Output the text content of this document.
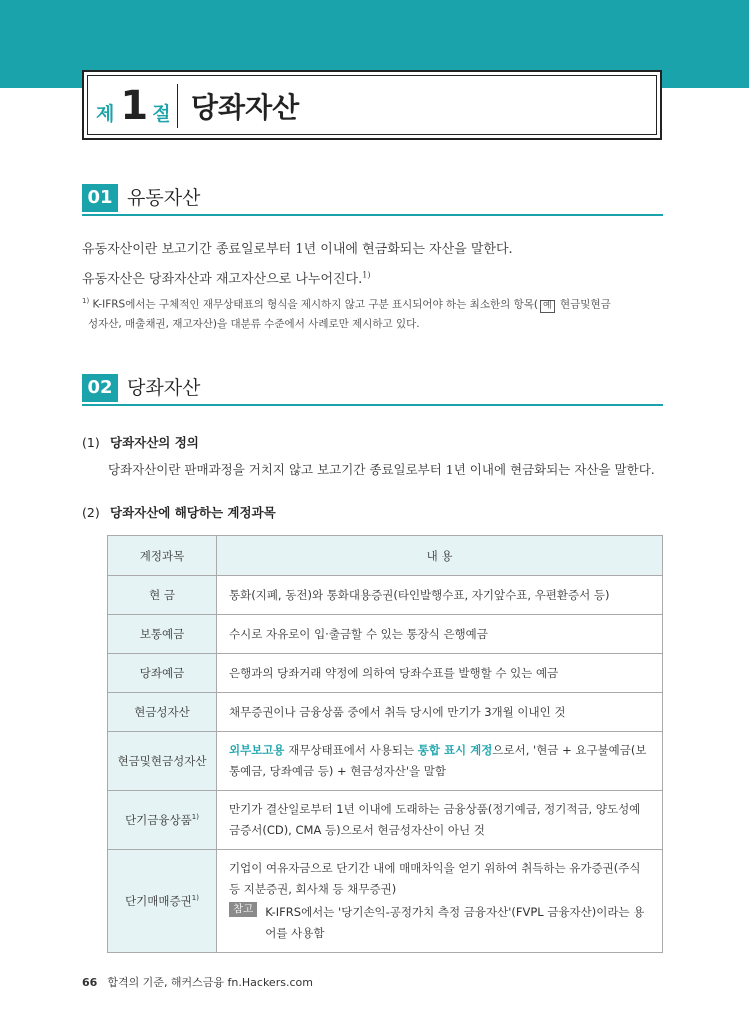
제 1 절 당좌자산
01 유동자산
유동자산이란 보고기간 종료일로부터 1년 이내에 현금화되는 자산을 말한다.
유동자산은 당좌자산과 재고자산으로 나누어진다.$^{1)}$
$^{1)}$ K-IFRS에서는 구체적인 재무상태표의 형식을 제시하지 않고 구분 표시되어야 하는 최소한의 항목( 예 현금및현금
성자산, 매출채권, 재고자산)을 대분류 수준에서 사례로만 제시하고 있다.
02 당좌자산
(1) 당좌자산의 정의
당좌자산이란 판매과정을 거치지 않고 보고기간 종료일로부터 1년 이내에 현금화되는 자산을 말한다.
(2) 당좌자산에 해당하는 계정과목
계정과목	내 용
현 금	통화(지폐, 동전)와 통화대용증권(타인발행수표, 자기앞수표, 우편환증서 등)
보통예금	수시로 자유로이 입·출금할 수 있는 통장식 은행예금
당좌예금	은행과의 당좌거래 약정에 의하여 당좌수표를 발행할 수 있는 예금
현금성자산	채무증권이나 금융상품 중에서 취득 당시에 만기가 3개월 이내인 것
현금및현금성자산	외부보고용 재무상태표에서 사용되는 통합 표시 계정으로서, '현금 + 요구불예금(보통예금, 당좌예금 등) + 현금성자산'을 말함
단기금융상품$^{1)}$	만기가 결산일로부터 1년 이내에 도래하는 금융상품(정기예금, 정기적금, 양도성예금증서(CD), CMA 등)으로서 현금성자산이 아닌 것
단기매매증권$^{1)}$	기업이 여유자금으로 단기간 내에 매매차익을 얻기 위하여 취득하는 유가증권(주식 등 지분증권, 회사채 등 채무증권)
참고 K-IFRS에서는 '당기손익-공정가치 측정 금융자산'(FVPL 금융자산)이라는 용어를 사용함
66 합격의 기준, 해커스금융 fn.Hackers.com
